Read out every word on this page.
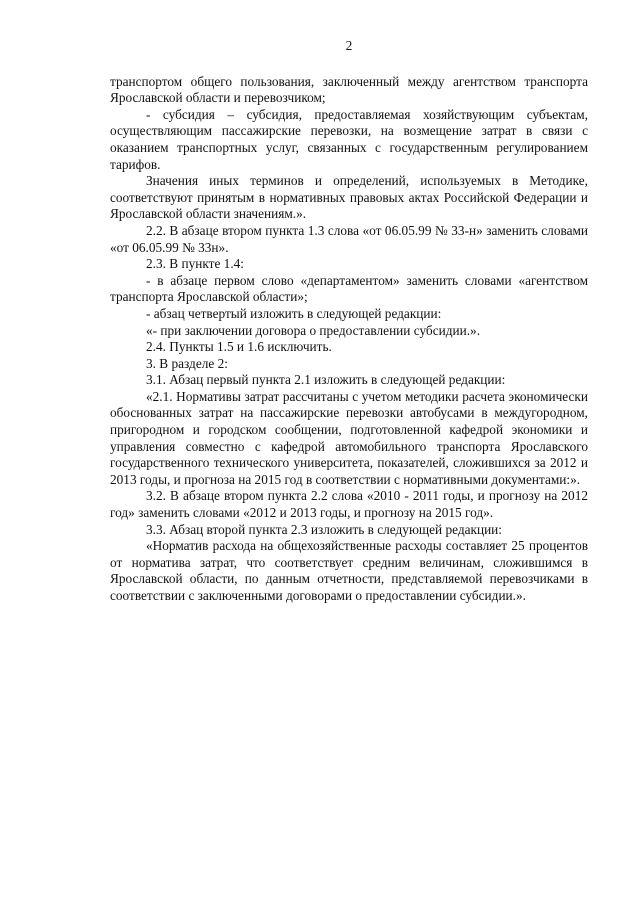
2

транспортом общего пользования, заключенный между агентством транспорта Ярославской области и перевозчиком;

- субсидия – субсидия, предоставляемая хозяйствующим субъектам, осуществляющим пассажирские перевозки, на возмещение затрат в связи с оказанием транспортных услуг, связанных с государственным регулированием тарифов.

Значения иных терминов и определений, используемых в Методике, соответствуют принятым в нормативных правовых актах Российской Федерации и Ярославской области значениям.».

2.2. В абзаце втором пункта 1.3 слова «от 06.05.99 № 33-н» заменить словами «от 06.05.99 № 33н».

2.3. В пункте 1.4:

- в абзаце первом слово «департаментом» заменить словами «агентством транспорта Ярославской области»;

- абзац четвертый изложить в следующей редакции:

«- при заключении договора о предоставлении субсидии.».

2.4. Пункты 1.5 и 1.6 исключить.

3. В разделе 2:

3.1. Абзац первый пункта 2.1 изложить в следующей редакции:

«2.1. Нормативы затрат рассчитаны с учетом методики расчета экономически обоснованных затрат на пассажирские перевозки автобусами в междугородном, пригородном и городском сообщении, подготовленной кафедрой экономики и управления совместно с кафедрой автомобильного транспорта Ярославского государственного технического университета, показателей, сложившихся за 2012 и 2013 годы, и прогноза на 2015 год в соответствии с нормативными документами:».

3.2. В абзаце втором пункта 2.2 слова «2010 - 2011 годы, и прогнозу на 2012 год» заменить словами «2012 и 2013 годы, и прогнозу на 2015 год».

3.3. Абзац второй пункта 2.3 изложить в следующей редакции:

«Норматив расхода на общехозяйственные расходы составляет 25 процентов от норматива затрат, что соответствует средним величинам, сложившимся в Ярославской области, по данным отчетности, представляемой перевозчиками в соответствии с заключенными договорами о предоставлении субсидии.».
